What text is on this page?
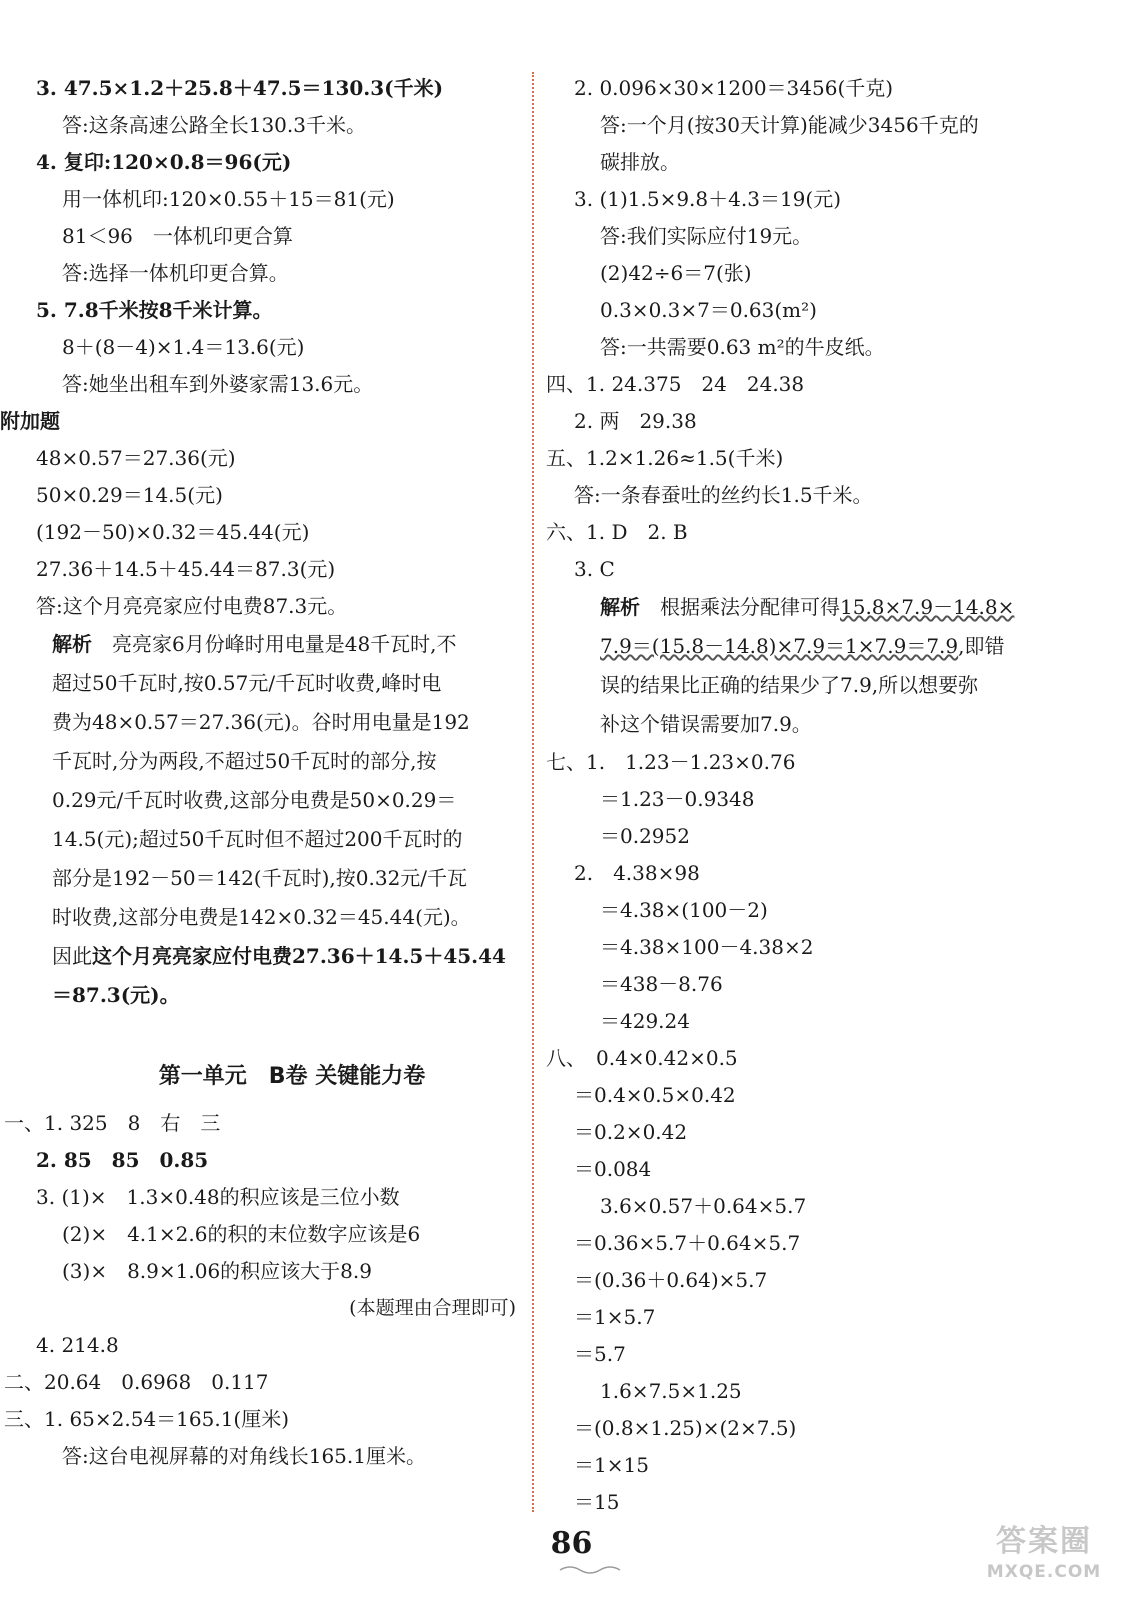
3. 47.5×1.2＋25.8＋47.5＝130.3(千米)
答:这条高速公路全长130.3千米。
4. 复印:120×0.8＝96(元)
用一体机印:120×0.55＋15＝81(元)
81＜96　一体机印更合算
答:选择一体机印更合算。
5. 7.8千米按8千米计算。
8＋(8－4)×1.4＝13.6(元)
答:她坐出租车到外婆家需13.6元。
附加题
48×0.57＝27.36(元)
50×0.29＝14.5(元)
(192－50)×0.32＝45.44(元)
27.36＋14.5＋45.44＝87.3(元)
答:这个月亮亮家应付电费87.3元。
解析　 亮亮家6月份峰时用电量是48千瓦时,不
超过50千瓦时,按0.57元/千瓦时收费,峰时电
费为48×0.57＝27.36(元)。谷时用电量是192
千瓦时,分为两段,不超过50千瓦时的部分,按
0.29元/千瓦时收费,这部分电费是50×0.29＝
14.5(元);超过50千瓦时但不超过200千瓦时的
部分是192－50＝142(千瓦时),按0.32元/千瓦
时收费,这部分电费是142×0.32＝45.44(元)。
因此这个月亮亮家应付电费27.36＋14.5＋45.44
＝87.3(元)。
第一单元　B卷 关键能力卷
一、1. 325　8　右　三
2. 85　85　0.85
3. (1)×　1.3×0.48的积应该是三位小数
(2)×　4.1×2.6的积的末位数字应该是6
(3)×　8.9×1.06的积应该大于8.9
(本题理由合理即可)
4. 214.8
二、20.64　0.6968　0.117
三、1. 65×2.54＝165.1(厘米)
答:这台电视屏幕的对角线长165.1厘米。
2. 0.096×30×1200＝3456(千克)
答:一个月(按30天计算)能减少3456千克的
碳排放。
3. (1)1.5×9.8＋4.3＝19(元)
答:我们实际应付19元。
(2)42÷6＝7(张)
0.3×0.3×7＝0.63(m²)
答:一共需要0.63 m²的牛皮纸。
四、1. 24.375　24　24.38
2. 两　29.38
五、1.2×1.26≈1.5(千米)
答:一条春蚕吐的丝约长1.5千米。
六、1. D　2. B
3. C
解析　 根据乘法分配律可得15.8×7.9－14.8×
7.9＝(15.8－14.8)×7.9＝1×7.9＝7.9,即错
误的结果比正确的结果少了7.9,所以想要弥
补这个错误需要加7.9。
七、1.　1.23－1.23×0.76
＝1.23－0.9348
＝0.2952
2.　4.38×98
＝4.38×(100－2)
＝4.38×100－4.38×2
＝438－8.76
＝429.24
八、　0.4×0.42×0.5
＝0.4×0.5×0.42
＝0.2×0.42
＝0.084
3.6×0.57＋0.64×5.7
＝0.36×5.7＋0.64×5.7
＝(0.36＋0.64)×5.7
＝1×5.7
＝5.7
1.6×7.5×1.25
＝(0.8×1.25)×(2×7.5)
＝1×15
＝15
86	答案圈
MXQE.COM
